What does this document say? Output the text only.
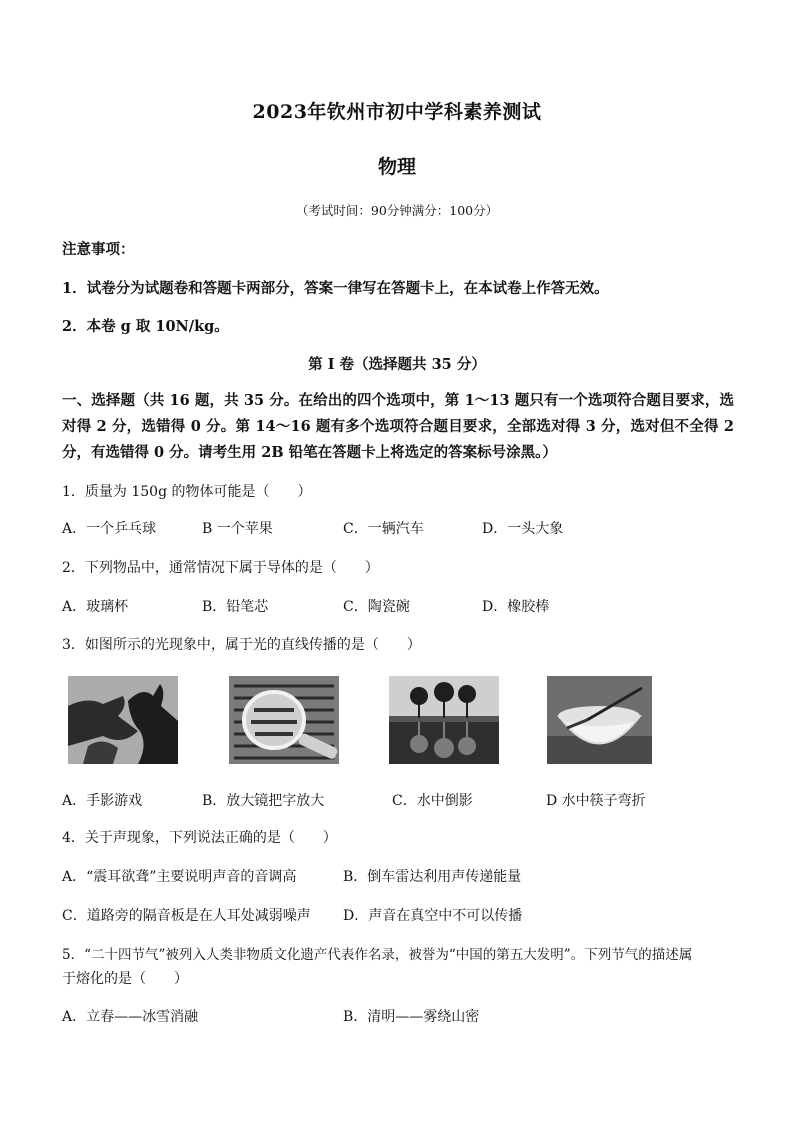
2023年钦州市初中学科素养测试
物理
（考试时间：90分钟满分：100分）
注意事项：
1．试卷分为试题卷和答题卡两部分，答案一律写在答题卡上，在本试卷上作答无效。
2．本卷 g 取 10N/kg。
第 I 卷（选择题共 35 分）
一、选择题（共 16 题，共 35 分。在给出的四个选项中，第 1～13 题只有一个选项符合题目要求，选对得 2 分，选错得 0 分。第 14～16 题有多个选项符合题目要求，全部选对得 3 分，选对但不全得 2 分，有选错得 0 分。请考生用 2B 铅笔在答题卡上将选定的答案标号涂黑。）
1．质量为 150g 的物体可能是（　　）
A．一个乒乓球	B 一个苹果	C．一辆汽车	D．一头大象
2．下列物品中，通常情况下属于导体的是（　　）
A．玻璃杯	B．铅笔芯	C．陶瓷碗	D．橡胶棒
3．如图所示的光现象中，属于光的直线传播的是（　　）
A．手影游戏	B．放大镜把字放大	C．水中倒影	D 水中筷子弯折
4．关于声现象，下列说法正确的是（　　）
A．“震耳欲聋”主要说明声音的音调高	B．倒车雷达利用声传递能量
C．道路旁的隔音板是在人耳处减弱噪声 D．声音在真空中不可以传播
5．“二十四节气”被列入人类非物质文化遗产代表作名录，被誉为“中国的第五大发明”。下列节气的描述属
于熔化的是（　　）
A．立春——冰雪消融	B．清明——雾绕山密
